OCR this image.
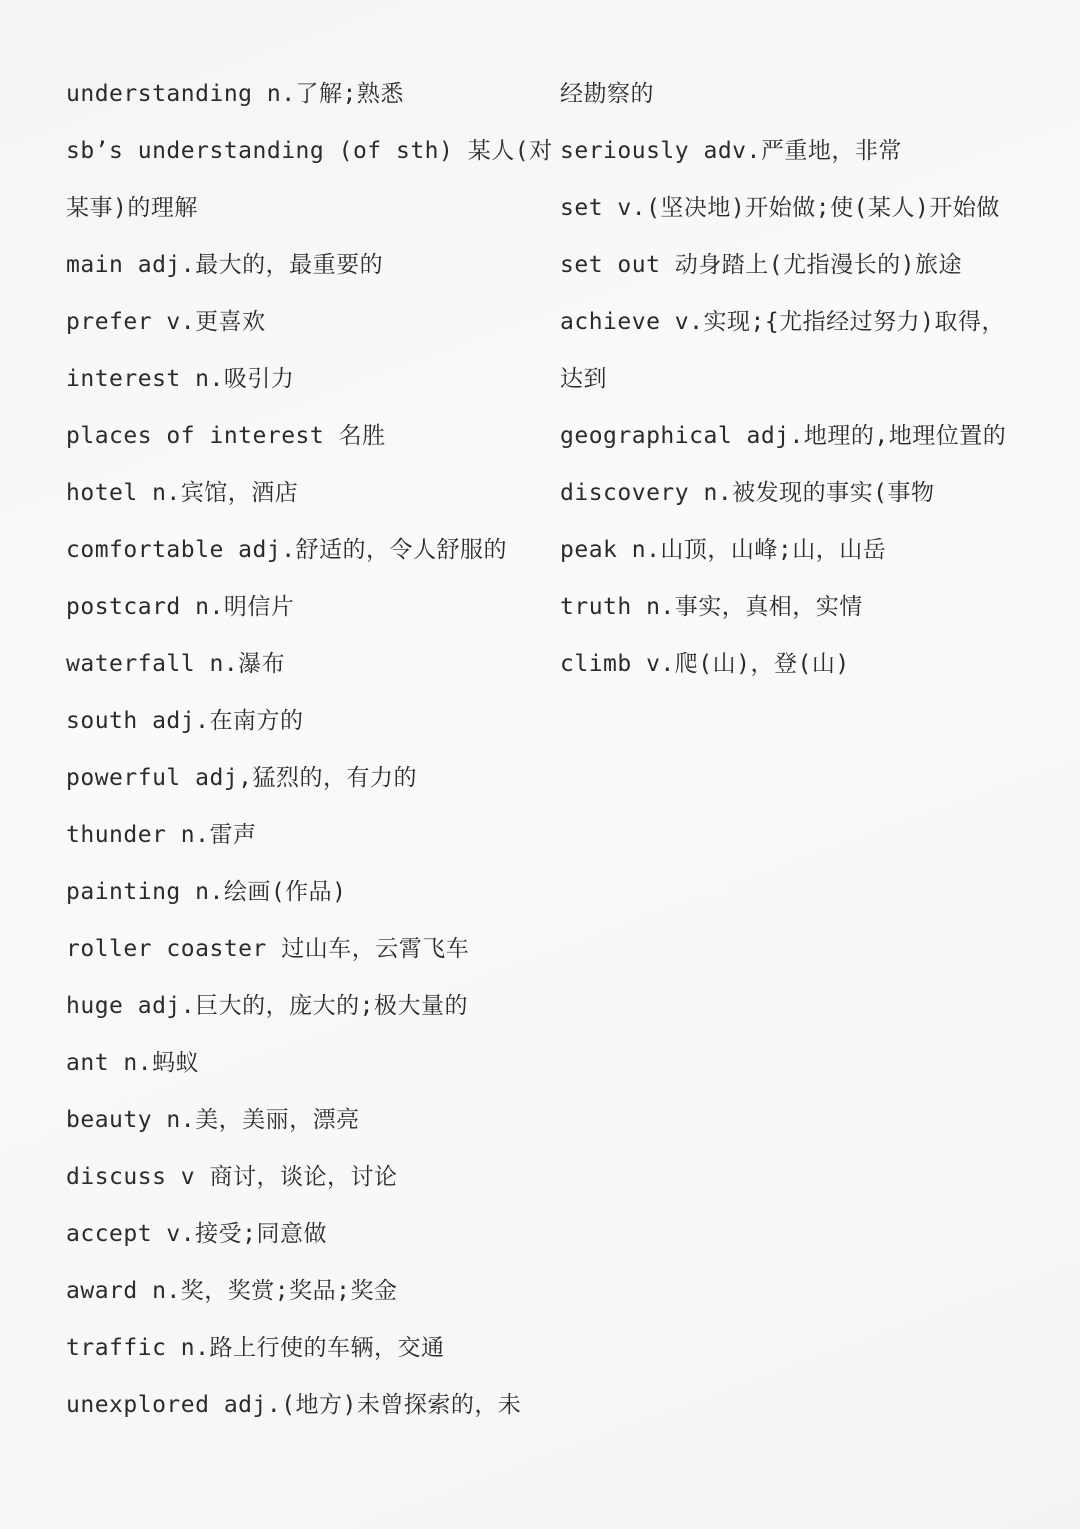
understanding n.了解;熟悉
sb’s understanding (of sth) 某人(对
某事)的理解
main adj.最大的，最重要的
prefer v.更喜欢
interest n.吸引力
places of interest 名胜
hotel n.宾馆，酒店
comfortable adj.舒适的，令人舒服的
postcard n.明信片
waterfall n.瀑布
south adj.在南方的
powerful adj,猛烈的，有力的
thunder n.雷声
painting n.绘画(作品)
roller coaster 过山车，云霄飞车
huge adj.巨大的，庞大的;极大量的
ant n.蚂蚁
beauty n.美，美丽，漂亮
discuss v 商讨，谈论，讨论
accept v.接受;同意做
award n.奖，奖赏;奖品;奖金
traffic n.路上行使的车辆，交通
unexplored adj.(地方)未曾探索的，未
经勘察的
seriously adv.严重地，非常
set v.(坚决地)开始做;使(某人)开始做
set out 动身踏上(尤指漫长的)旅途
achieve v.实现;{尤指经过努力)取得，
达到
geographical adj.地理的,地理位置的
discovery n.被发现的事实(事物
peak n.山顶，山峰;山，山岳
truth n.事实，真相，实情
climb v.爬(山)，登(山)
